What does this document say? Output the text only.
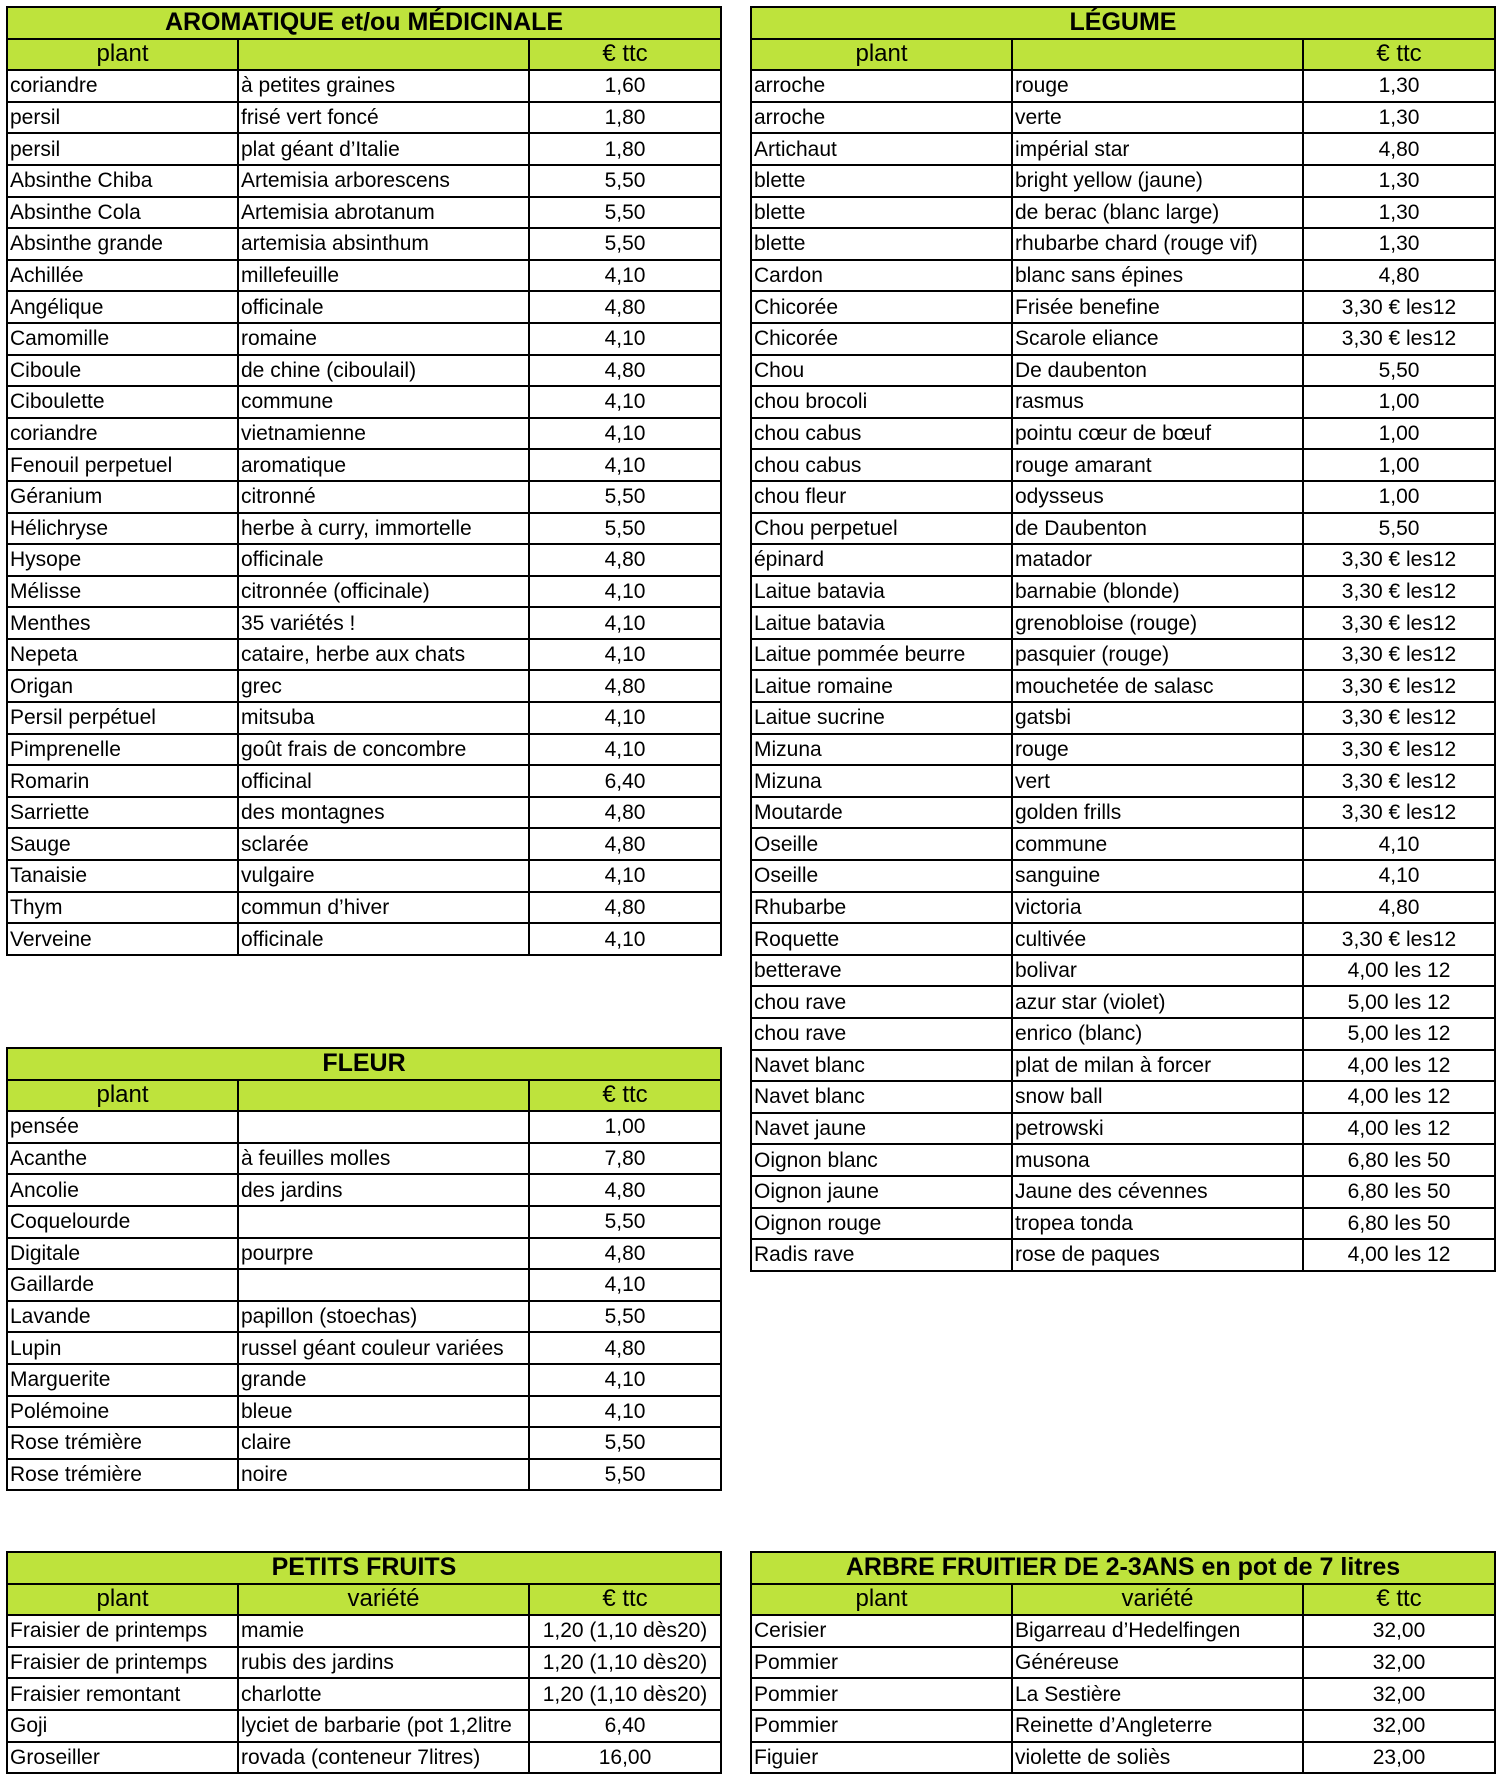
AROMATIQUE et/ou MÉDICINALE		
plant		€ ttc
coriandre	à petites graines	1,60
persil	frisé vert foncé	1,80
persil	plat géant d’Italie	1,80
Absinthe Chiba	Artemisia arborescens	5,50
Absinthe Cola	Artemisia abrotanum	5,50
Absinthe grande	artemisia absinthum	5,50
Achillée	millefeuille	4,10
Angélique	officinale	4,80
Camomille	romaine	4,10
Ciboule	de chine (ciboulail)	4,80
Ciboulette	commune	4,10
coriandre	vietnamienne	4,10
Fenouil perpetuel	aromatique	4,10
Géranium	citronné	5,50
Hélichryse	herbe à curry, immortelle	5,50
Hysope	officinale	4,80
Mélisse	citronnée (officinale)	4,10
Menthes	35 variétés !	4,10
Nepeta	cataire, herbe aux chats	4,10
Origan	grec	4,80
Persil perpétuel	mitsuba	4,10
Pimprenelle	goût frais de concombre	4,10
Romarin	officinal	6,40
Sarriette	des montagnes	4,80
Sauge	sclarée	4,80
Tanaisie	vulgaire	4,10
Thym	commun d’hiver	4,80
Verveine	officinale	4,10
LÉGUME		
plant		€ ttc
arroche	rouge	1,30
arroche	verte	1,30
Artichaut	impérial star	4,80
blette	bright yellow (jaune)	1,30
blette	de berac (blanc large)	1,30
blette	rhubarbe chard (rouge vif)	1,30
Cardon	blanc sans épines	4,80
Chicorée	Frisée benefine	3,30 € les12
Chicorée	Scarole eliance	3,30 € les12
Chou	De daubenton	5,50
chou brocoli	rasmus	1,00
chou cabus	pointu cœur de bœuf	1,00
chou cabus	rouge amarant	1,00
chou fleur	odysseus	1,00
Chou perpetuel	de Daubenton	5,50
épinard	matador	3,30 € les12
Laitue batavia	barnabie (blonde)	3,30 € les12
Laitue batavia	grenobloise (rouge)	3,30 € les12
Laitue pommée beurre	pasquier (rouge)	3,30 € les12
Laitue romaine	mouchetée de salasc	3,30 € les12
Laitue sucrine	gatsbi	3,30 € les12
Mizuna	rouge	3,30 € les12
Mizuna	vert	3,30 € les12
Moutarde	golden frills	3,30 € les12
Oseille	commune	4,10
Oseille	sanguine	4,10
Rhubarbe	victoria	4,80
Roquette	cultivée	3,30 € les12
betterave	bolivar	4,00 les 12
chou rave	azur star (violet)	5,00 les 12
chou rave	enrico (blanc)	5,00 les 12
Navet blanc	plat de milan à forcer	4,00 les 12
Navet blanc	snow ball	4,00 les 12
Navet jaune	petrowski	4,00 les 12
Oignon blanc	musona	6,80 les 50
Oignon jaune	Jaune des cévennes	6,80 les 50
Oignon rouge	tropea tonda	6,80 les 50
Radis rave	rose de paques	4,00 les 12
FLEUR		
plant		€ ttc
pensée		1,00
Acanthe	à feuilles molles	7,80
Ancolie	des jardins	4,80
Coquelourde		5,50
Digitale	pourpre	4,80
Gaillarde		4,10
Lavande	papillon (stoechas)	5,50
Lupin	russel géant couleur variées	4,80
Marguerite	grande	4,10
Polémoine	bleue	4,10
Rose trémière	claire	5,50
Rose trémière	noire	5,50
PETITS FRUITS		
plant	variété	€ ttc
Fraisier de printemps	mamie	1,20 (1,10 dès20)
Fraisier de printemps	rubis des jardins	1,20 (1,10 dès20)
Fraisier remontant	charlotte	1,20 (1,10 dès20)
Goji	lyciet de barbarie (pot 1,2litre	6,40
Groseiller	rovada (conteneur 7litres)	16,00
ARBRE FRUITIER DE 2-3ANS en pot de 7 litres		
plant	variété	€ ttc
Cerisier	Bigarreau d’Hedelfingen	32,00
Pommier	Généreuse	32,00
Pommier	La Sestière	32,00
Pommier	Reinette d’Angleterre	32,00
Figuier	violette de soliès	23,00
